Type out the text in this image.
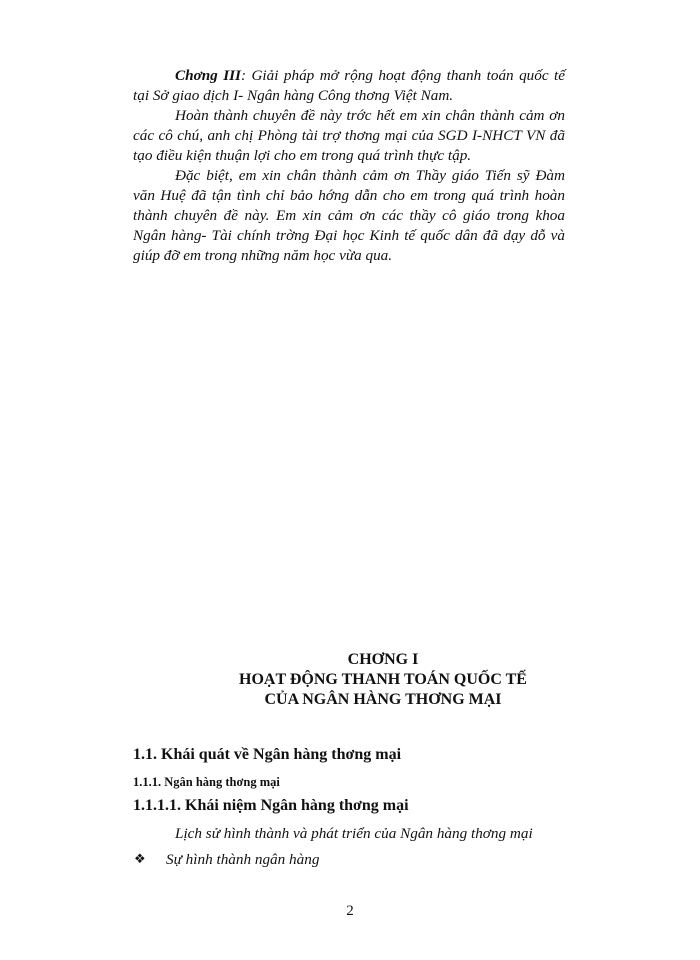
Chơng III: Giải pháp mở rộng hoạt động thanh toán quốc tế tại Sở giao dịch I- Ngân hàng Công thơng Việt Nam.

Hoàn thành chuyên đề này trớc hết em xin chân thành cảm ơn các cô chú, anh chị Phòng tài trợ thơng mại của SGD I-NHCT VN đã tạo điều kiện thuận lợi cho em trong quá trình thực tập.

Đặc biệt, em xin chân thành cảm ơn Thầy giáo Tiến sỹ Đàm văn Huệ đã tận tình chỉ bảo hớng dẫn cho em trong quá trình hoàn thành chuyên đề này. Em xin cảm ơn các thầy cô giáo trong khoa Ngân hàng- Tài chính trờng Đại học Kinh tế quốc dân đã dạy dỗ và giúp đỡ em trong những năm học vừa qua.

CHƠNG I
HOẠT ĐỘNG THANH TOÁN QUỐC TẾ
CỦA NGÂN HÀNG THƠNG MẠI
1.1. Khái quát về Ngân hàng thơng mại
1.1.1. Ngân hàng thơng mại
1.1.1.1. Khái niệm Ngân hàng thơng mại
Lịch sử hình thành và phát triển của Ngân hàng thơng mại
❖ Sự hình thành ngân hàng
2
